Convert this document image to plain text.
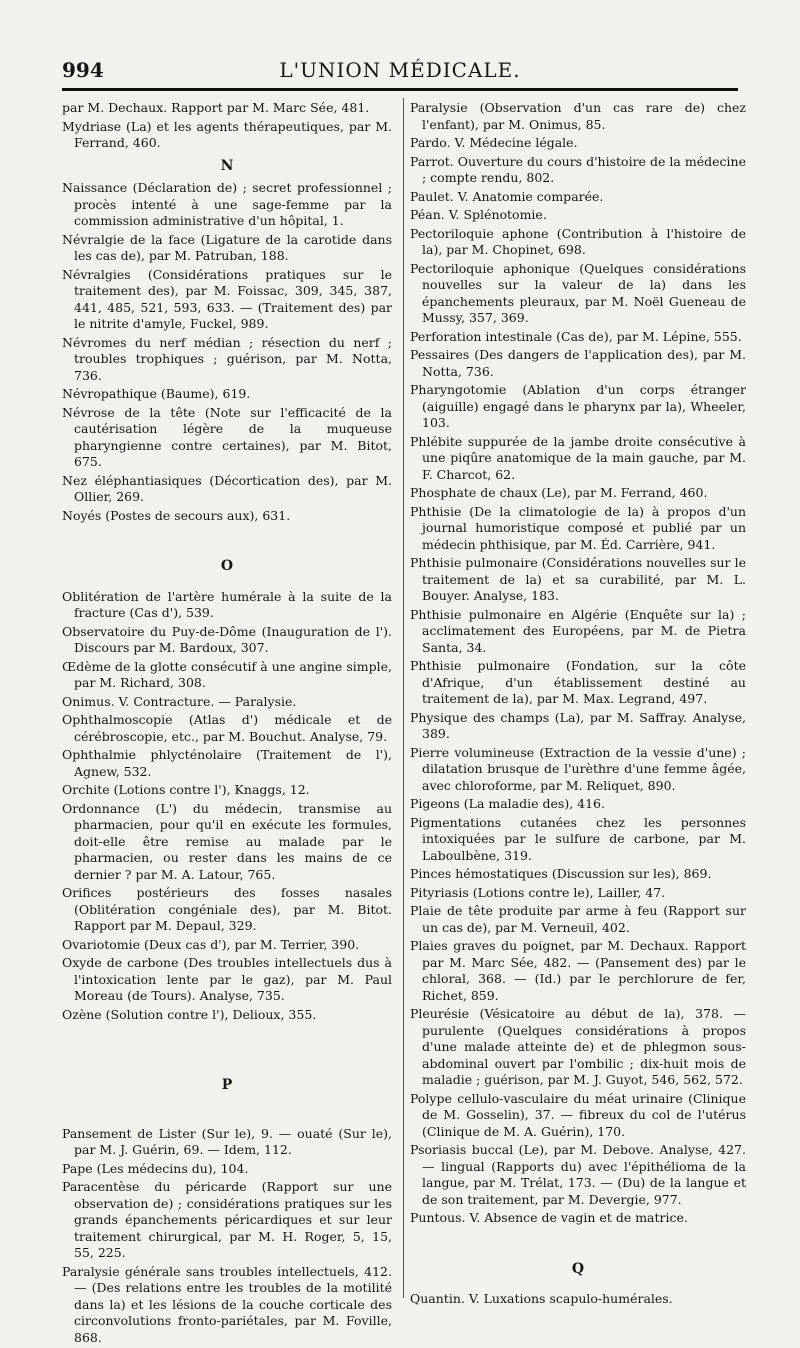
994	L'UNION MÉDICALE.
par M. Dechaux. Rapport par M. Marc Sée, 481.
Mydriase (La) et les agents thérapeutiques, par M. Ferrand, 460.
N
Naissance (Déclaration de) ; secret professionnel ; procès intenté à une sage-femme par la commission administrative d'un hôpital, 1.
Névralgie de la face (Ligature de la carotide dans les cas de), par M. Patruban, 188.
Névralgies (Considérations pratiques sur le traitement des), par M. Foissac, 309, 345, 387, 441, 485, 521, 593, 633. — (Traitement des) par le nitrite d'amyle, Fuckel, 989.
Névromes du nerf médian ; résection du nerf ; troubles trophiques ; guérison, par M. Notta, 736.
Névropathique (Baume), 619.
Névrose de la tête (Note sur l'efficacité de la cautérisation légère de la muqueuse pharyngienne contre certaines), par M. Bitot, 675.
Nez éléphantiasiques (Décortication des), par M. Ollier, 269.
Noyés (Postes de secours aux), 631.
O
Oblitération de l'artère humérale à la suite de la fracture (Cas d'), 539.
Observatoire du Puy-de-Dôme (Inauguration de l'). Discours par M. Bardoux, 307.
Œdème de la glotte consécutif à une angine simple, par M. Richard, 308.
Onimus. V. Contracture. — Paralysie.
Ophthalmoscopie (Atlas d') médicale et de cérébroscopie, etc., par M. Bouchut. Analyse, 79.
Ophthalmie phlycténolaire (Traitement de l'), Agnew, 532.
Orchite (Lotions contre l'), Knaggs, 12.
Ordonnance (L') du médecin, transmise au pharmacien, pour qu'il en exécute les formules, doit-elle être remise au malade par le pharmacien, ou rester dans les mains de ce dernier ? par M. A. Latour, 765.
Orifices postérieurs des fosses nasales (Oblitération congéniale des), par M. Bitot. Rapport par M. Depaul, 329.
Ovariotomie (Deux cas d'), par M. Terrier, 390.
Oxyde de carbone (Des troubles intellectuels dus à l'intoxication lente par le gaz), par M. Paul Moreau (de Tours). Analyse, 735.
Ozène (Solution contre l'), Delioux, 355.
P
Pansement de Lister (Sur le), 9. — ouaté (Sur le), par M. J. Guérin, 69. — Idem, 112.
Pape (Les médecins du), 104.
Paracentèse du péricarde (Rapport sur une observation de) ; considérations pratiques sur les grands épanchements péricardiques et sur leur traitement chirurgical, par M. H. Roger, 5, 15, 55, 225.
Paralysie générale sans troubles intellectuels, 412. — (Des relations entre les troubles de la motilité dans la) et les lésions de la couche corticale des circonvolutions fronto-pariétales, par M. Foville, 868.
Paralysie (Observation d'un cas rare de) chez l'enfant), par M. Onimus, 85.
Pardo. V. Médecine légale.
Parrot. Ouverture du cours d'histoire de la médecine ; compte rendu, 802.
Paulet. V. Anatomie comparée.
Péan. V. Splénotomie.
Pectoriloquie aphone (Contribution à l'histoire de la), par M. Chopinet, 698.
Pectoriloquie aphonique (Quelques considérations nouvelles sur la valeur de la) dans les épanchements pleuraux, par M. Noël Gueneau de Mussy, 357, 369.
Perforation intestinale (Cas de), par M. Lépine, 555.
Pessaires (Des dangers de l'application des), par M. Notta, 736.
Pharyngotomie (Ablation d'un corps étranger (aiguille) engagé dans le pharynx par la), Wheeler, 103.
Phlébite suppurée de la jambe droite consécutive à une piqûre anatomique de la main gauche, par M. F. Charcot, 62.
Phosphate de chaux (Le), par M. Ferrand, 460.
Phthisie (De la climatologie de la) à propos d'un journal humoristique composé et publié par un médecin phthisique, par M. Éd. Carrière, 941.
Phthisie pulmonaire (Considérations nouvelles sur le traitement de la) et sa curabilité, par M. L. Bouyer. Analyse, 183.
Phthisie pulmonaire en Algérie (Enquête sur la) ; acclimatement des Européens, par M. de Pietra Santa, 34.
Phthisie pulmonaire (Fondation, sur la côte d'Afrique, d'un établissement destiné au traitement de la), par M. Max. Legrand, 497.
Physique des champs (La), par M. Saffray. Analyse, 389.
Pierre volumineuse (Extraction de la vessie d'une) ; dilatation brusque de l'urèthre d'une femme âgée, avec chloroforme, par M. Reliquet, 890.
Pigeons (La maladie des), 416.
Pigmentations cutanées chez les personnes intoxiquées par le sulfure de carbone, par M. Laboulbène, 319.
Pinces hémostatiques (Discussion sur les), 869.
Pityriasis (Lotions contre le), Lailler, 47.
Plaie de tête produite par arme à feu (Rapport sur un cas de), par M. Verneuil, 402.
Plaies graves du poignet, par M. Dechaux. Rapport par M. Marc Sée, 482. — (Pansement des) par le chloral, 368. — (Id.) par le perchlorure de fer, Richet, 859.
Pleurésie (Vésicatoire au début de la), 378. — purulente (Quelques considérations à propos d'une malade atteinte de) et de phlegmon sous-abdominal ouvert par l'ombilic ; dix-huit mois de maladie ; guérison, par M. J. Guyot, 546, 562, 572.
Polype cellulo-vasculaire du méat urinaire (Clinique de M. Gosselin), 37. — fibreux du col de l'utérus (Clinique de M. A. Guérin), 170.
Psoriasis buccal (Le), par M. Debove. Analyse, 427. — lingual (Rapports du) avec l'épithélioma de la langue, par M. Trélat, 173. — (Du) de la langue et de son traitement, par M. Devergie, 977.
Puntous. V. Absence de vagin et de matrice.
Q
Quantin. V. Luxations scapulo-humérales.
